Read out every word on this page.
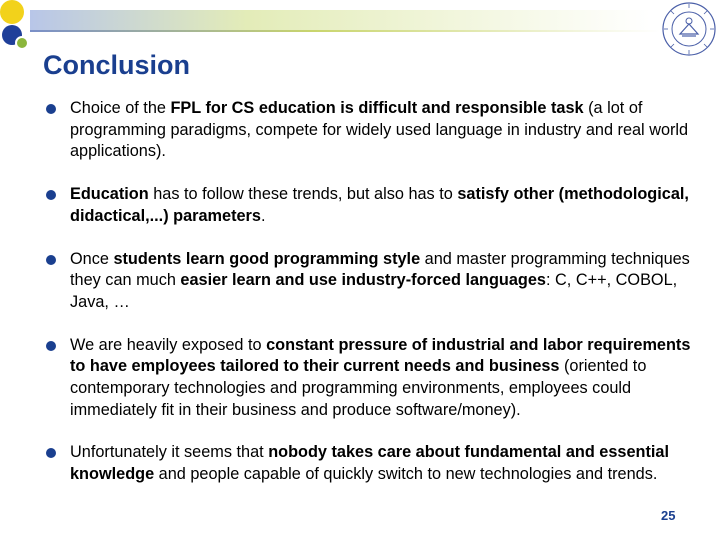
Conclusion
Choice of the FPL for CS education is difficult and responsible task (a lot of programming paradigms, compete for widely used language in industry and real world applications).
Education has to follow these trends, but also has to satisfy other (methodological, didactical,...) parameters.
Once students learn good programming style and master programming techniques they can much easier learn and use industry-forced languages: C, C++, COBOL, Java, …
We are heavily exposed to constant pressure of industrial and labor requirements to have employees tailored to their current needs and business (oriented to contemporary technologies and programming environments, employees could immediately fit in their business and produce software/money).
Unfortunately it seems that nobody takes care about fundamental and essential knowledge and people capable of quickly switch to new technologies and trends.
25
